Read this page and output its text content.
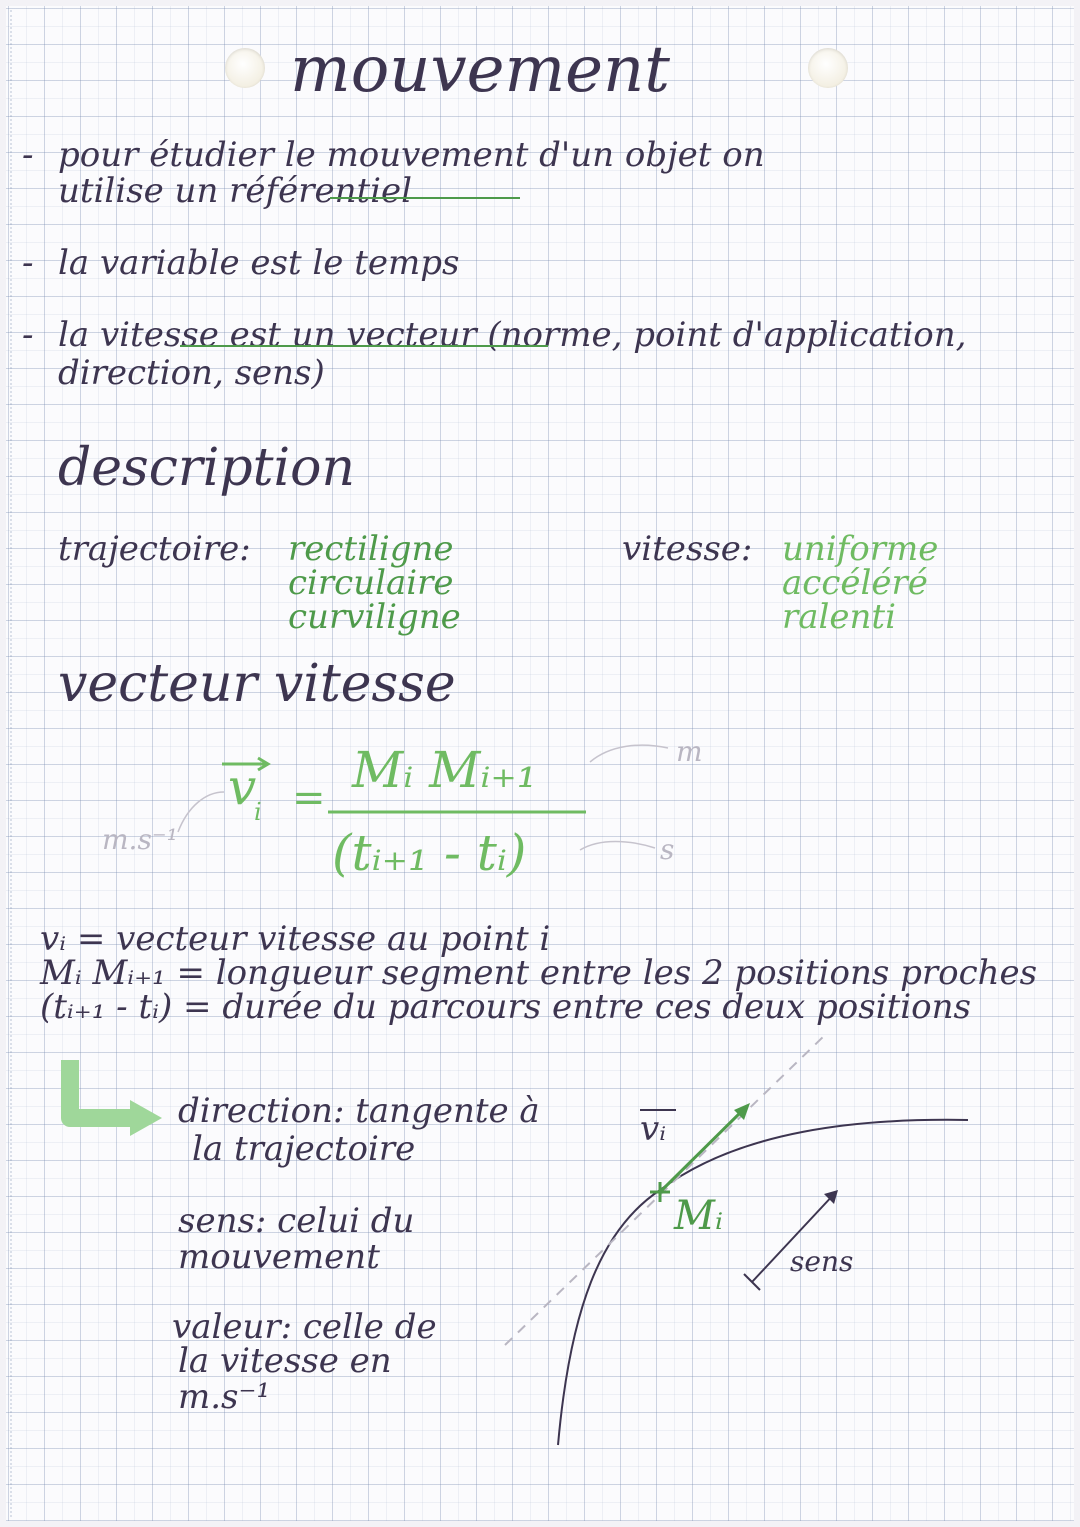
mouvement
- pour étudier le mouvement d'un objet on
utilise un référentiel
- la variable est le temps
- la vitesse est un vecteur (norme, point d'application,
direction, sens)
description
trajectoire: rectiligne
circulaire
curviligne
vitesse: uniforme
accéléré
ralenti
vecteur vitesse
v
i = Mᵢ Mᵢ₊₁
(tᵢ₊₁ - tᵢ)
m
s
m.s⁻¹
vᵢ = vecteur vitesse au point i
Mᵢ Mᵢ₊₁ = longueur segment entre les 2 positions proches
(tᵢ₊₁ - tᵢ) = durée du parcours entre ces deux positions
direction: tangente à
la trajectoire
sens: celui du
mouvement
valeur: celle de
la vitesse en
m.s⁻¹
vᵢ
Mᵢ
sens
